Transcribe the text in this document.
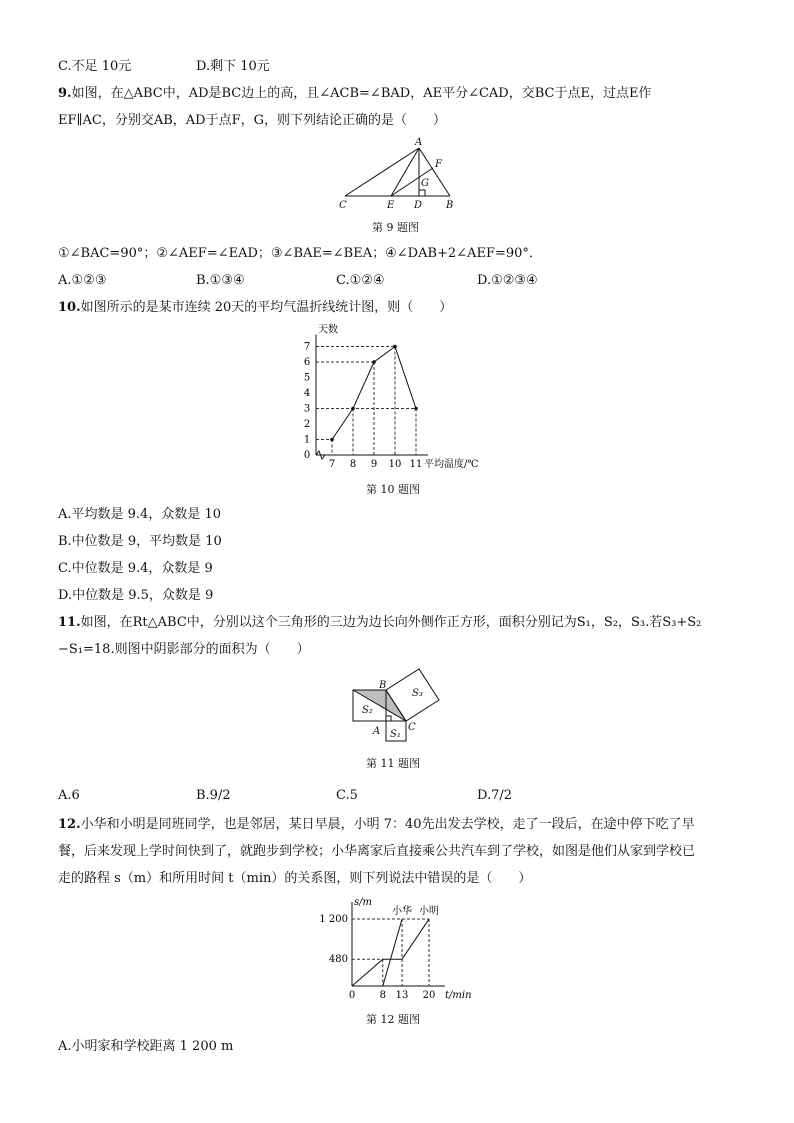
C.不足 10元	D.剩下 10元
9.如图，在△ABC中，AD是BC边上的高，且∠ACB=∠BAD，AE平分∠CAD，交BC于点E，过点E作
EF∥AC，分别交AB，AD于点F，G，则下列结论正确的是（　　）
A
B
C	D
E
F
G
第 9 题图
①∠BAC=90°；②∠AEF=∠EAD；③∠BAE=∠BEA；④∠DAB+2∠AEF=90°．
A.①②③	B.①③④	C.①②④	D.①②③④
10.如图所示的是某市连续 20天的平均气温折线统计图，则（　　）
0
1
2
3
4
5
6
7
7 8 9 10 11
天数
平均温度/℃
第 10 题图
A.平均数是 9.4，众数是 10
B.中位数是 9，平均数是 10
C.中位数是 9.4，众数是 9
D.中位数是 9.5，众数是 9
11.如图，在Rt△ABC中，分别以这个三角形的三边为边长向外侧作正方形，面积分别记为S₁，S₂，S₃.若S₃+S₂
−S₁=18.则图中阴影部分的面积为（　　）
B
C
A
S₃
S₂
S₁
第 11 题图
A.6	B.9/2	C.5	D.7/2
12.小华和小明是同班同学，也是邻居，某日早晨，小明 7：40先出发去学校，走了一段后，在途中停下吃了早
餐，后来发现上学时间快到了，就跑步到学校；小华离家后直接乘公共汽车到了学校，如图是他们从家到学校已
走的路程 s（m）和所用时间 t（min）的关系图，则下列说法中错误的是（　　）
s/m
t/min
480
1 200
0 8 13 20
小华 小明
第 12 题图
A.小明家和学校距离 1 200 m
